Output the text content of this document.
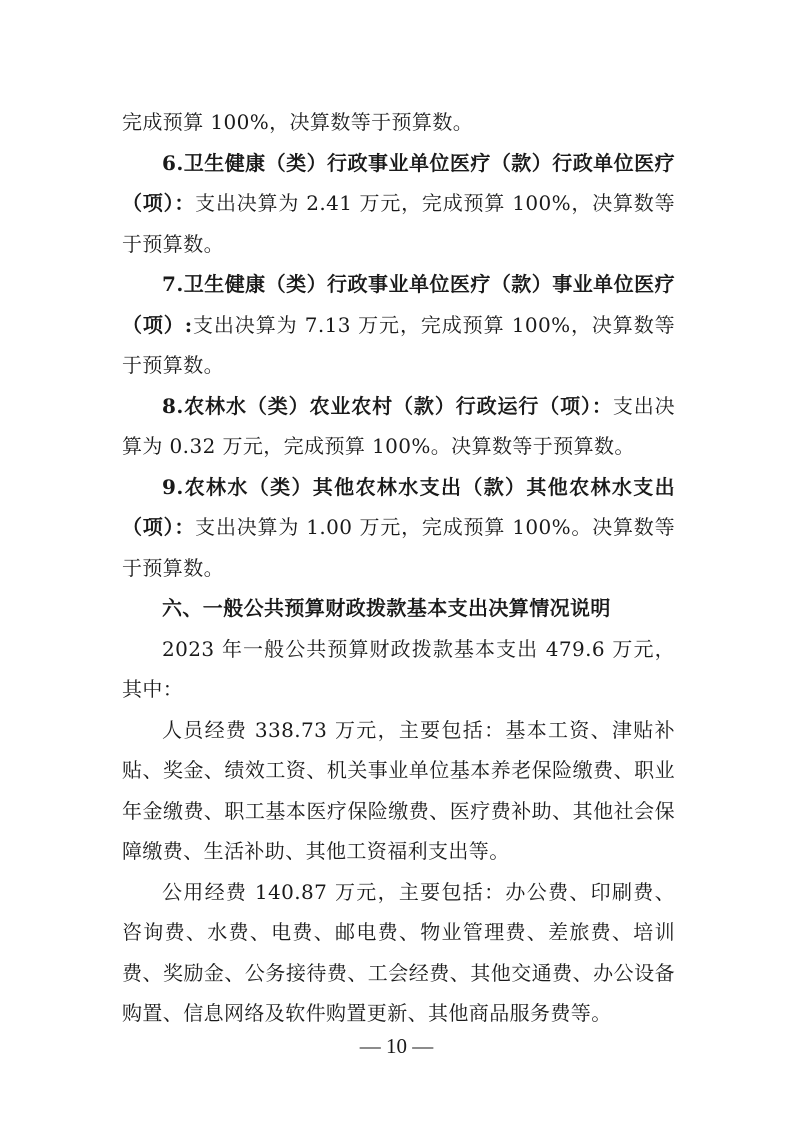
完成预算 100%，决算数等于预算数。

6.卫生健康（类）行政事业单位医疗（款）行政单位医疗（项）：支出决算为 2.41 万元，完成预算 100%，决算数等于预算数。

7.卫生健康（类）行政事业单位医疗（款）事业单位医疗（项）:支出决算为 7.13 万元，完成预算 100%，决算数等于预算数。

8.农林水（类）农业农村（款）行政运行（项）：支出决算为 0.32 万元，完成预算 100%。决算数等于预算数。

9.农林水（类）其他农林水支出（款）其他农林水支出（项）：支出决算为 1.00 万元，完成预算 100%。决算数等于预算数。

六、一般公共预算财政拨款基本支出决算情况说明

2023 年一般公共预算财政拨款基本支出 479.6 万元，其中：

人员经费 338.73 万元，主要包括：基本工资、津贴补贴、奖金、绩效工资、机关事业单位基本养老保险缴费、职业年金缴费、职工基本医疗保险缴费、医疗费补助、其他社会保障缴费、生活补助、其他工资福利支出等。

公用经费 140.87 万元，主要包括：办公费、印刷费、咨询费、水费、电费、邮电费、物业管理费、差旅费、培训费、奖励金、公务接待费、工会经费、其他交通费、办公设备购置、信息网络及软件购置更新、其他商品服务费等。

— 10 —
